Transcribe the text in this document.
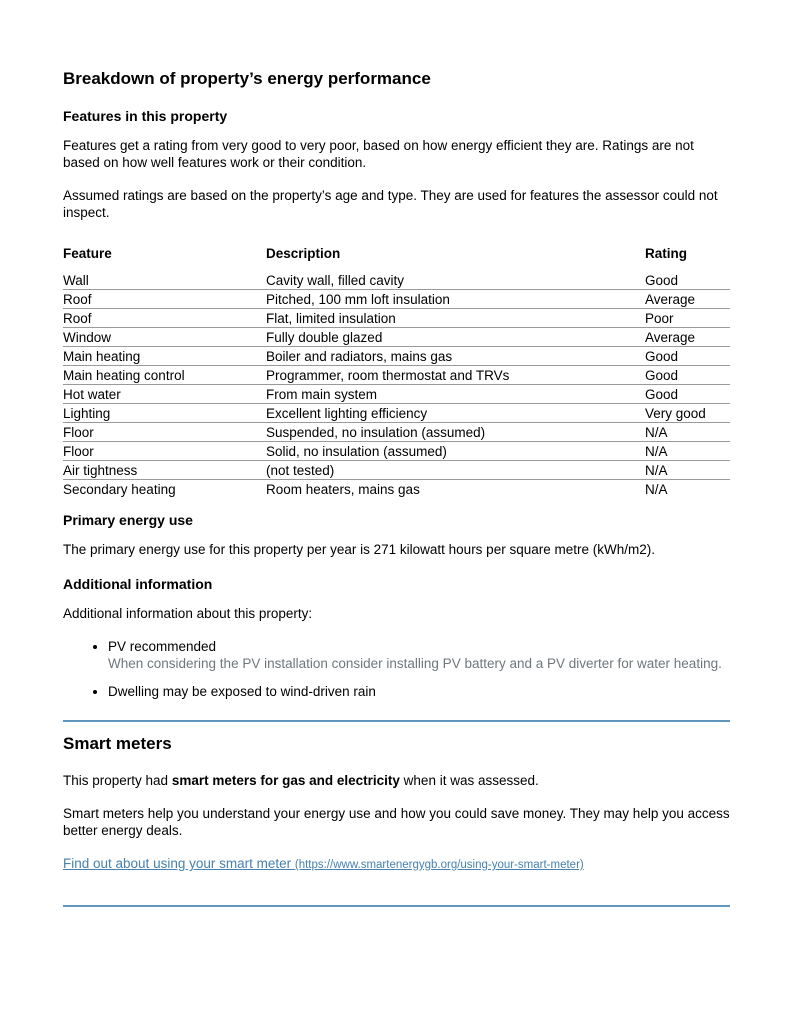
Breakdown of property’s energy performance
Features in this property

Features get a rating from very good to very poor, based on how energy efficient they are. Ratings are not based on how well features work or their condition.

Assumed ratings are based on the property’s age and type. They are used for features the assessor could not inspect.

Feature	Description	Rating
Wall	Cavity wall, filled cavity	Good
Roof	Pitched, 100 mm loft insulation	Average
Roof	Flat, limited insulation	Poor
Window	Fully double glazed	Average
Main heating	Boiler and radiators, mains gas	Good
Main heating control	Programmer, room thermostat and TRVs	Good
Hot water	From main system	Good
Lighting	Excellent lighting efficiency	Very good
Floor	Suspended, no insulation (assumed)	N/A
Floor	Solid, no insulation (assumed)	N/A
Air tightness	(not tested)	N/A
Secondary heating	Room heaters, mains gas	N/A
Primary energy use

The primary energy use for this property per year is 271 kilowatt hours per square metre (kWh/m2).

Additional information

Additional information about this property:

• PV recommended
When considering the PV installation consider installing PV battery and a PV diverter for water heating.
• Dwelling may be exposed to wind-driven rain
Smart meters

This property had smart meters for gas and electricity when it was assessed.

Smart meters help you understand your energy use and how you could save money. They may help you access better energy deals.

Find out about using your smart meter (https://www.smartenergygb.org/using-your-smart-meter)
